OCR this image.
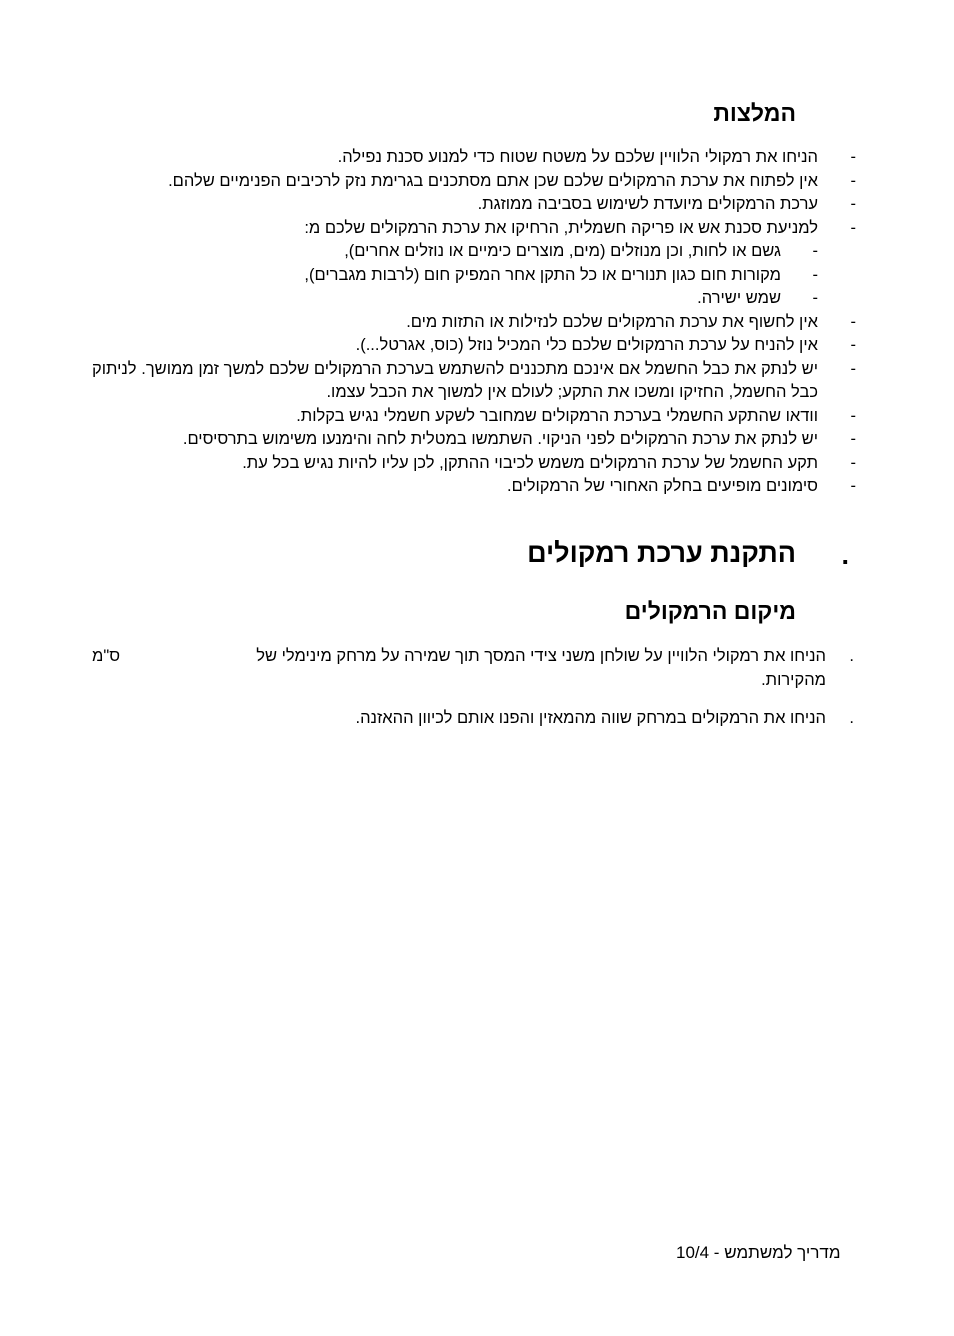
המלצות
-
הניחו את רמקולי הלוויין שלכם על משטח שטוח כדי למנוע סכנת נפילה.
-
אין לפתוח את ערכת הרמקולים שלכם שכן אתם מסתכנים בגרימת נזק לרכיבים הפנימיים שלהם.
-
ערכת הרמקולים מיועדת לשימוש בסביבה ממוזגת.
-
למניעת סכנת אש או פריקה חשמלית, הרחיקו את ערכת הרמקולים שלכם מ:
-
גשם או לחות, וכן מנוזלים (מים, מוצרים כימיים או נוזלים אחרים),
-
מקורות חום כגון תנורים או כל התקן אחר המפיק חום (לרבות מגברים),
-
שמש ישירה.
-
אין לחשוף את ערכת הרמקולים שלכם לנזילות או התזות מים.
-
אין להניח על ערכת הרמקולים שלכם כלי המכיל נוזל (כוס, אגרטל...).
-
יש לנתק את כבל החשמל אם אינכם מתכננים להשתמש בערכת הרמקולים שלכם למשך זמן ממושך. לניתוק כבל החשמל, החזיקו ומשכו את התקע; לעולם אין למשוך את הכבל עצמו.
-
וודאו שהתקע החשמלי בערכת הרמקולים שמחובר לשקע חשמלי נגיש בקלות.
-
יש לנתק את ערכת הרמקולים לפני הניקוי. השתמשו במטלית לחה והימנעו משימוש בתרסיסים.
-
תקע החשמל של ערכת הרמקולים משמש לכיבוי ההתקן, לכן עליו להיות נגיש בכל עת.
-
סימונים מופיעים בחלק האחורי של הרמקולים.
.
התקנת ערכת רמקולים
מיקום הרמקולים
.
הניחו את רמקולי הלוויין על שולחן משני צידי המסך תוך שמירה על מרחק מינימלי של
ס"מ
מהקירות.
.
הניחו את הרמקולים במרחק שווה מהמאזין והפנו אותם לכיוון ההאזנה.
10/4 - מדריך למשתמש
